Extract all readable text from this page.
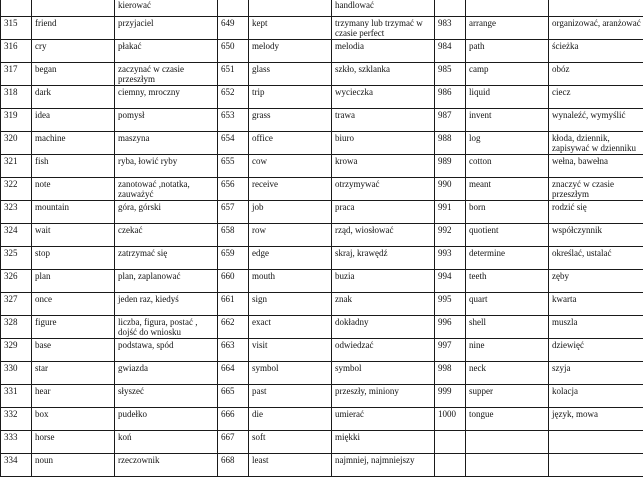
		kierować			handlować			
315	friend	przyjaciel	649	kept	trzymany lub trzymać w czasie perfect	983	arrange	organizować, aranżować
316	cry	płakać	650	melody	melodia	984	path	ścieżka
317	began	zaczynać w czasie przeszłym	651	glass	szkło, szklanka	985	camp	obóz
318	dark	ciemny, mroczny	652	trip	wycieczka	986	liquid	ciecz
319	idea	pomysł	653	grass	trawa	987	invent	wynaleźć, wymyślić
320	machine	maszyna	654	office	biuro	988	log	kłoda, dziennik, zapisywać w dzienniku
321	fish	ryba, łowić ryby	655	cow	krowa	989	cotton	wełna, bawełna
322	note	zanotować ,notatka, zauważyć	656	receive	otrzymywać	990	meant	znaczyć w czasie przeszłym
323	mountain	góra, górski	657	job	praca	991	born	rodzić się
324	wait	czekać	658	row	rząd, wiosłować	992	quotient	współczynnik
325	stop	zatrzymać się	659	edge	skraj, krawędź	993	determine	określać, ustalać
326	plan	plan, zaplanować	660	mouth	buzia	994	teeth	zęby
327	once	jeden raz, kiedyś	661	sign	znak	995	quart	kwarta
328	figure	liczba, figura, postać , dojść do wniosku	662	exact	dokładny	996	shell	muszla
329	base	podstawa, spód	663	visit	odwiedzać	997	nine	dziewięć
330	star	gwiazda	664	symbol	symbol	998	neck	szyja
331	hear	słyszeć	665	past	przeszły, miniony	999	supper	kolacja
332	box	pudełko	666	die	umierać	1000	tongue	język, mowa
333	horse	koń	667	soft	miękki			
334	noun	rzeczownik	668	least	najmniej, najmniejszy			
